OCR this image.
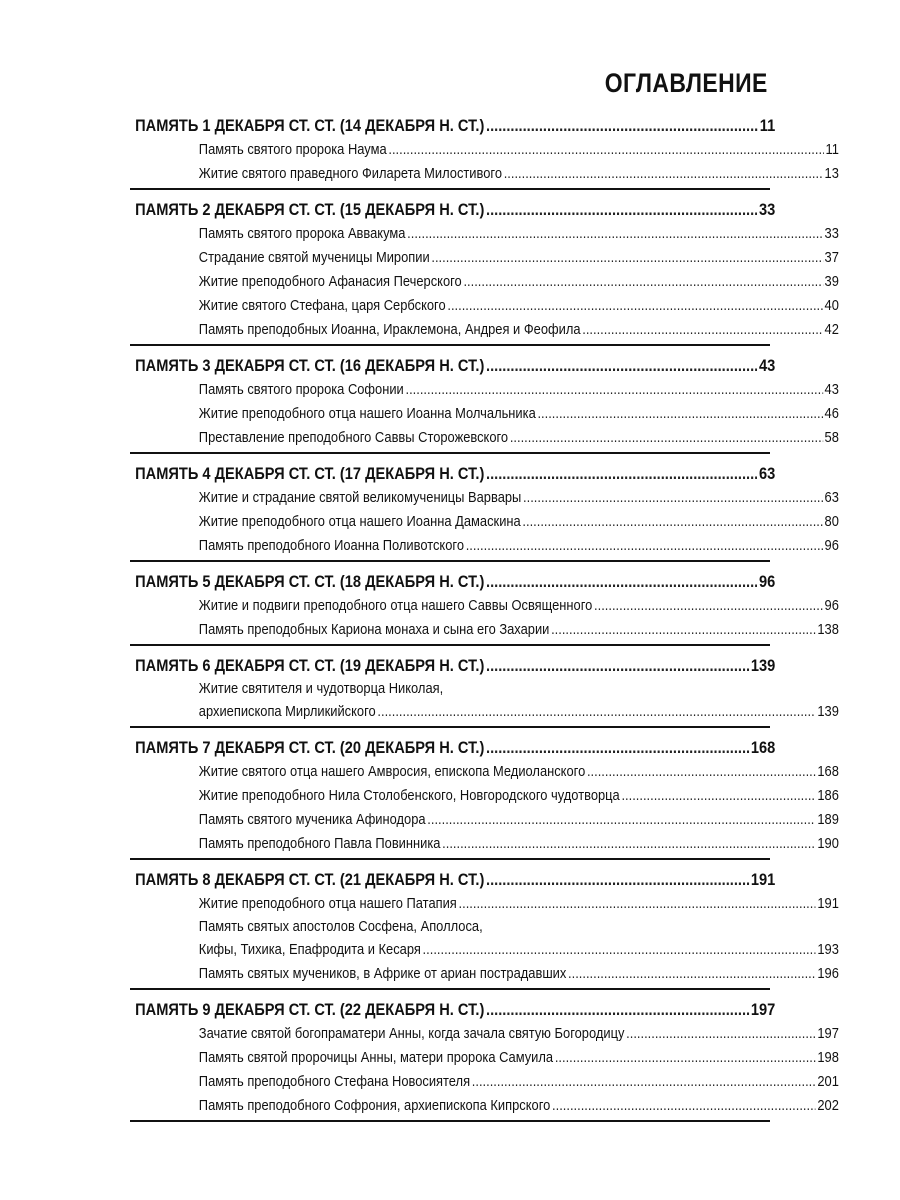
ОГЛАВЛЕНИЕ
ПАМЯТЬ 1 ДЕКАБРЯ СТ. СТ. (14 ДЕКАБРЯ Н. СТ.) .....	11
Память святого пророка Наума .....	11
Житие святого праведного Филарета Милостивого .....	13
ПАМЯТЬ 2 ДЕКАБРЯ СТ. СТ. (15 ДЕКАБРЯ Н. СТ.) .....	33
Память святого пророка Аввакума .....	33
Страдание святой мученицы Миропии .....	37
Житие преподобного Афанасия Печерского .....	39
Житие святого Стефана, царя Сербского .....	40
Память преподобных Иоанна, Ираклемона, Андрея и Феофила .....	42
ПАМЯТЬ 3 ДЕКАБРЯ СТ. СТ. (16 ДЕКАБРЯ Н. СТ.) .....	43
Память святого пророка Софонии .....	43
Житие преподобного отца нашего Иоанна Молчальника .....	46
Преставление преподобного Саввы Сторожевского .....	58
ПАМЯТЬ 4 ДЕКАБРЯ СТ. СТ. (17 ДЕКАБРЯ Н. СТ.) .....	63
Житие и страдание святой великомученицы Варвары .....	63
Житие преподобного отца нашего Иоанна Дамаскина .....	80
Память преподобного Иоанна Поливотского .....	96
ПАМЯТЬ 5 ДЕКАБРЯ СТ. СТ. (18 ДЕКАБРЯ Н. СТ.) .....	96
Житие и подвиги преподобного отца нашего Саввы Освященного .....	96
Память преподобных Кариона монаха и сына его Захарии .....	138
ПАМЯТЬ 6 ДЕКАБРЯ СТ. СТ. (19 ДЕКАБРЯ Н. СТ.) .....	139
Житие святителя и чудотворца Николая,
архиепископа Мирликийского .....	139
ПАМЯТЬ 7 ДЕКАБРЯ СТ. СТ. (20 ДЕКАБРЯ Н. СТ.) .....	168
Житие святого отца нашего Амвросия, епископа Медиоланского .....	168
Житие преподобного Нила Столобенского, Новгородского чудотворца .....	186
Память святого мученика Афинодора .....	189
Память преподобного Павла Повинника .....	190
ПАМЯТЬ 8 ДЕКАБРЯ СТ. СТ. (21 ДЕКАБРЯ Н. СТ.) .....	191
Житие преподобного отца нашего Патапия .....	191
Память святых апостолов Сосфена, Аполлоса,
Кифы, Тихика, Епафродита и Кесаря .....	193
Память святых мучеников, в Африке от ариан пострадавших .....	196
ПАМЯТЬ 9 ДЕКАБРЯ СТ. СТ. (22 ДЕКАБРЯ Н. СТ.) .....	197
Зачатие святой богопраматери Анны, когда зачала святую Богородицу .....	197
Память святой пророчицы Анны, матери пророка Самуила .....	198
Память преподобного Стефана Новосиятеля .....	201
Память преподобного Софрония, архиепископа Кипрского .....	202
